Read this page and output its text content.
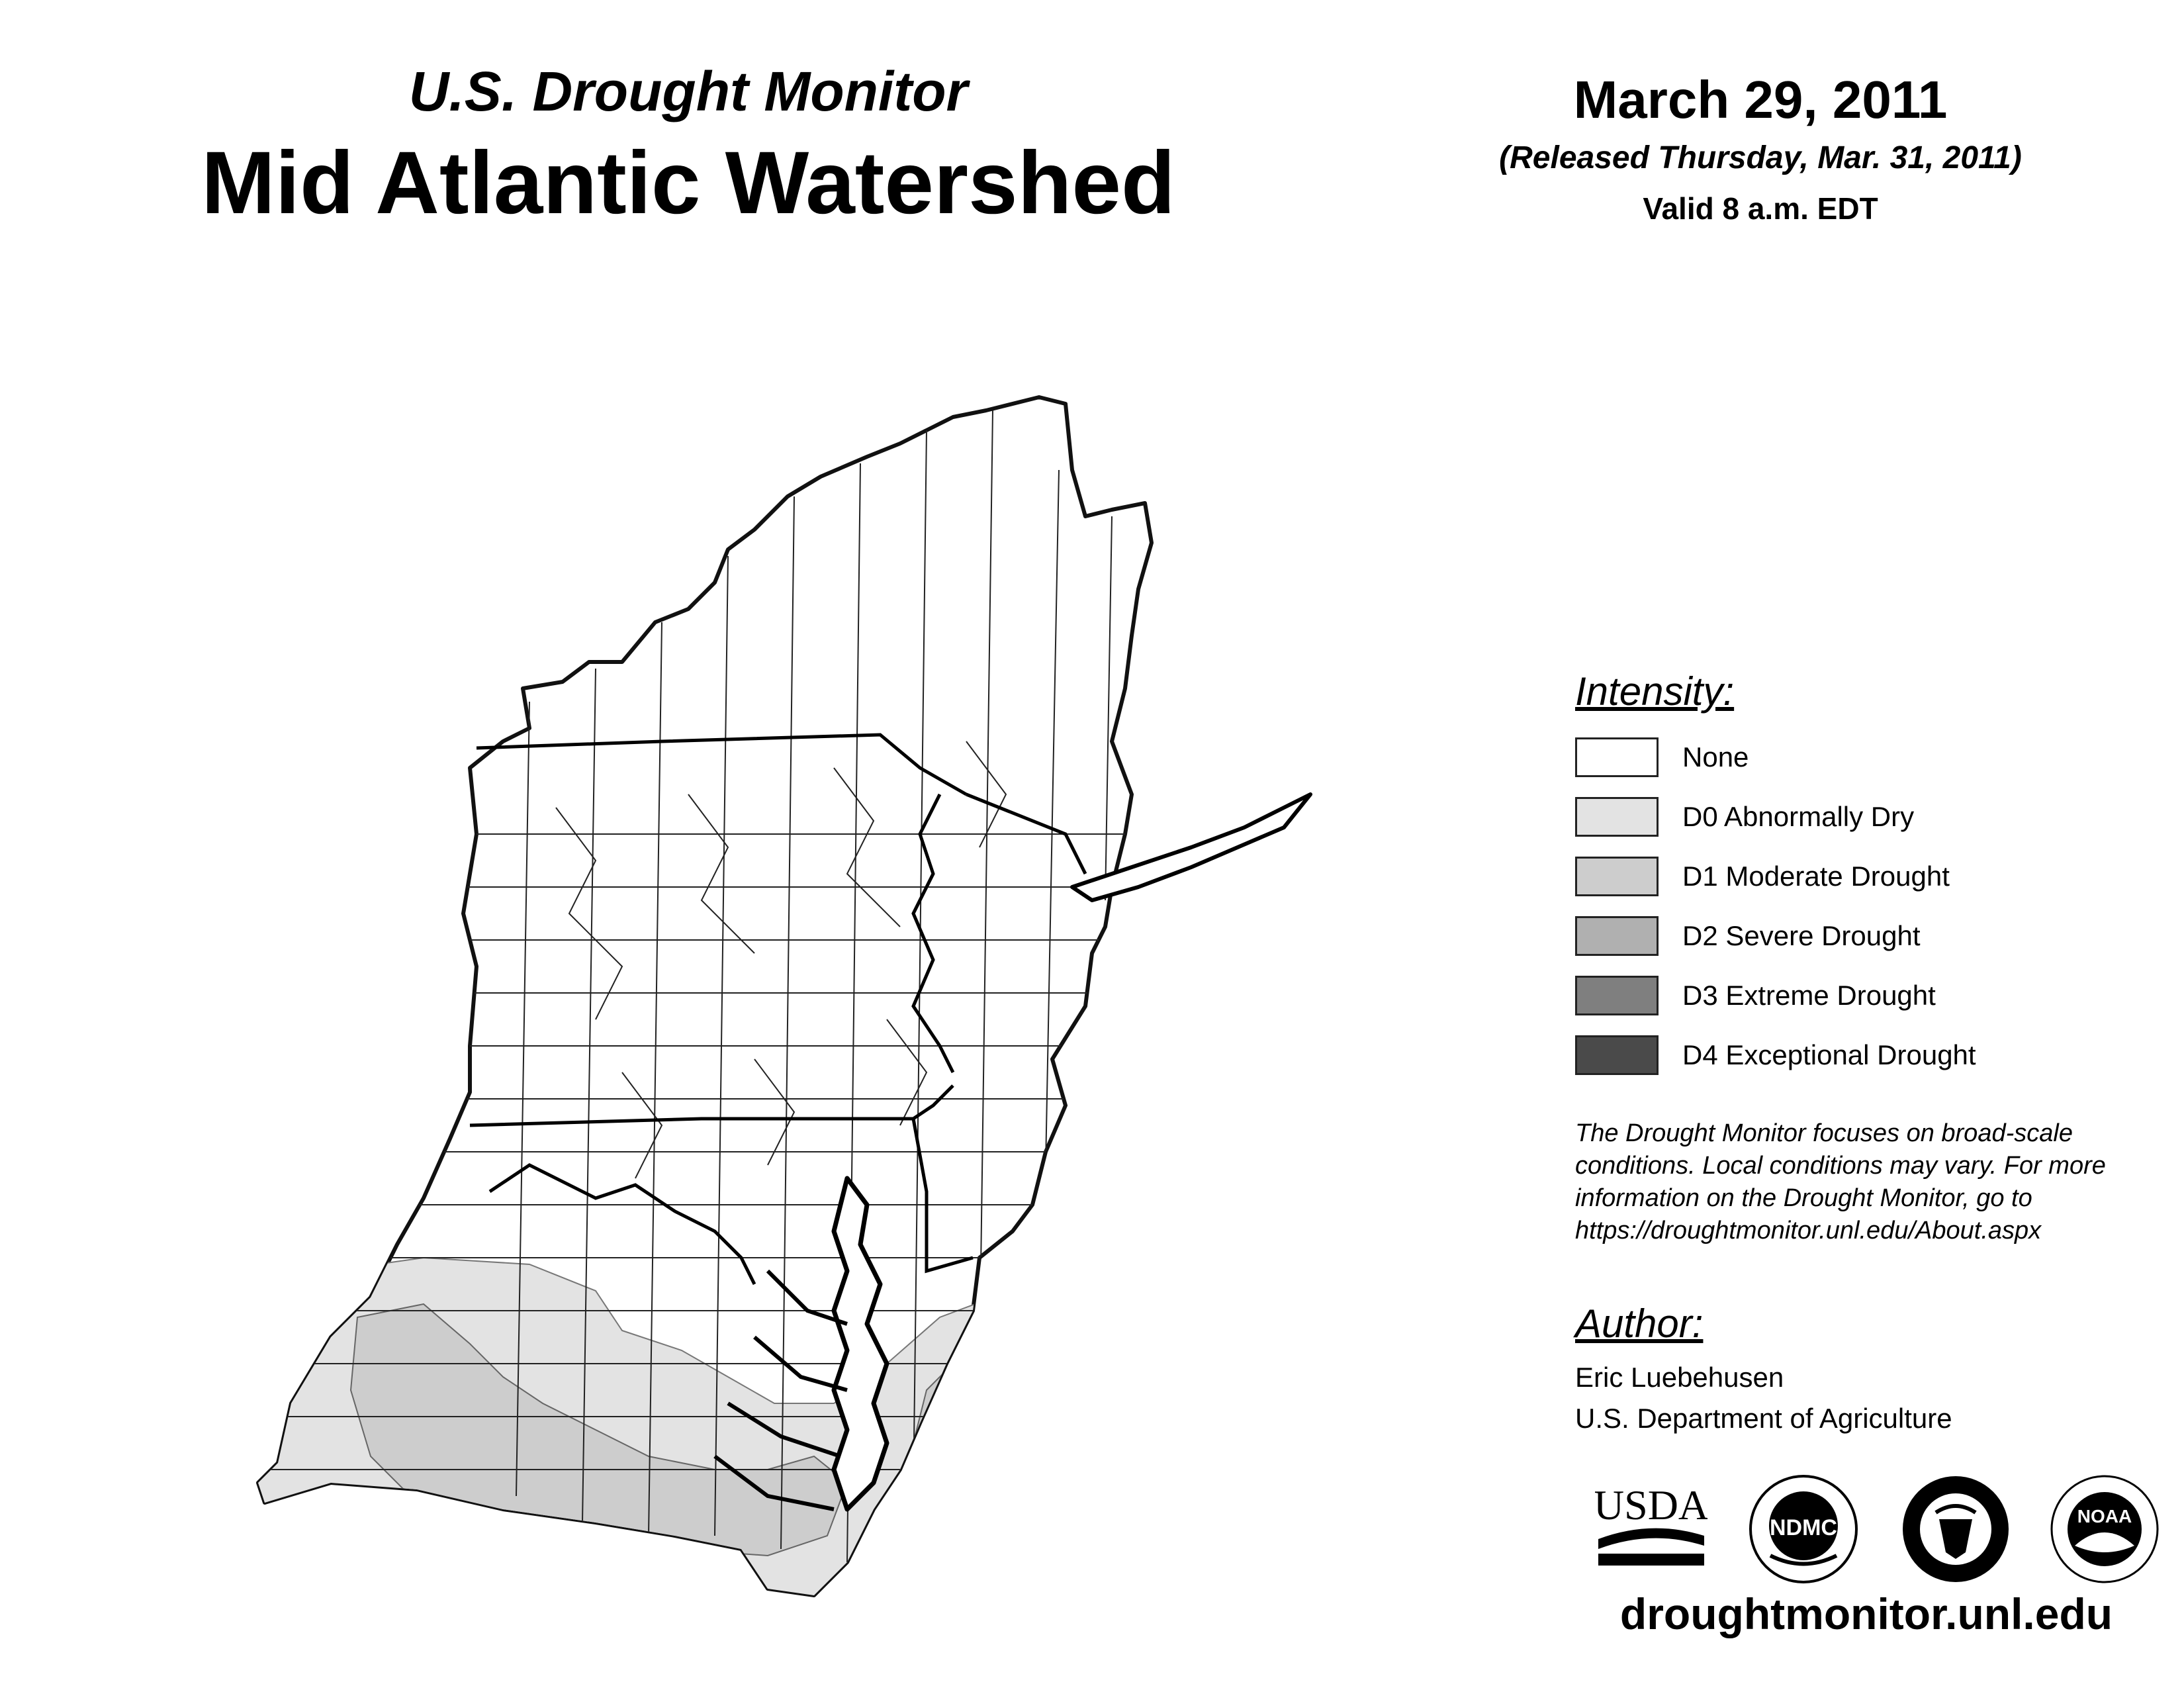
U.S. Drought Monitor
Mid Atlantic Watershed
March 29, 2011
(Released Thursday, Mar. 31, 2011)
Valid 8 a.m. EDT
Intensity:
None
D0 Abnormally Dry
D1 Moderate Drought
D2 Severe Drought
D3 Extreme Drought
D4 Exceptional Drought
The Drought Monitor focuses on broad-scale
conditions. Local conditions may vary. For more
information on the Drought Monitor, go to
https://droughtmonitor.unl.edu/About.aspx
Author:
Eric Luebehusen
U.S. Department of Agriculture
USDA	NDMC	NOAA
droughtmonitor.unl.edu
